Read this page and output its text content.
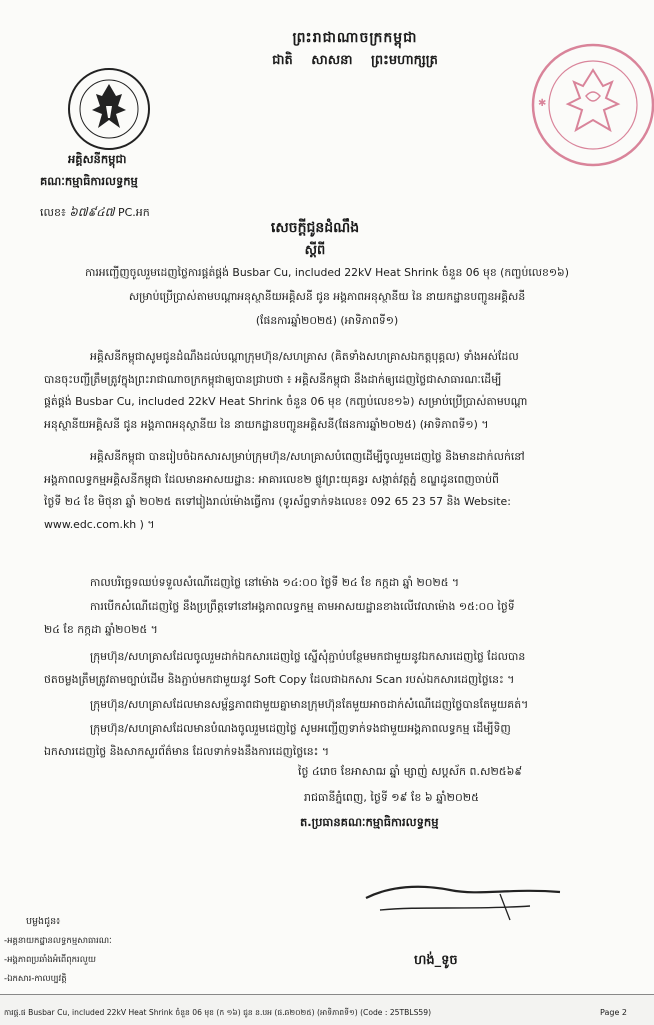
ព្រះរាជាណាចក្រកម្ពុជា
ជាតិ សាសនា ព្រះមហាក្សត្រ
✱
អគ្គិសនីកម្ពុជា
គណៈកម្មាធិការលទ្ធកម្ម
លេខ៖ ៦៧៩៤៧ PC.អក
សេចក្តីជូនដំណឹង
ស្តីពី
ការអញ្ជើញចូលរួមដេញថ្លៃការផ្គត់ផ្គង់ Busbar Cu, included 22kV Heat Shrink ចំនួន 06 មុខ (កញ្ចប់លេខ១៦)
សម្រាប់ប្រើប្រាស់តាមបណ្តាអនុស្ថានីយអគ្គិសនី ជូន អង្គភាពអនុស្ថានីយ នៃ នាយកដ្ឋានបញ្ជូនអគ្គិសនី
(ផែនការឆ្នាំ២០២៥) (អាទិភាពទី១)
អគ្គិសនីកម្ពុជាសូមជូនដំណឹងដល់បណ្តាក្រុមហ៊ុន/សហគ្រាស (គិតទាំងសហគ្រាសឯកត្តបុគ្គល) ទាំងអស់ដែល
បានចុះបញ្ជីត្រឹមត្រូវក្នុងព្រះរាជាណាចក្រកម្ពុជាឲ្យបានជ្រាបថា ៖ អគ្គិសនីកម្ពុជា នឹងដាក់ឲ្យដេញថ្លៃជាសាធារណៈដើម្បី
ផ្គត់ផ្គង់ Busbar Cu, included 22kV Heat Shrink ចំនួន 06 មុខ (កញ្ចប់លេខ១៦) សម្រាប់ប្រើប្រាស់តាមបណ្តា
អនុស្ថានីយអគ្គិសនី ជូន អង្គភាពអនុស្ថានីយ នៃ នាយកដ្ឋានបញ្ជូនអគ្គិសនី(ផែនការឆ្នាំ២០២៥) (អាទិភាពទី១) ។
អគ្គិសនីកម្ពុជា បានរៀបចំឯកសារសម្រាប់ក្រុមហ៊ុន/សហគ្រាសបំពេញដើម្បីចូលរួមដេញថ្លៃ និងមានដាក់លក់នៅ
អង្គភាពលទ្ធកម្មអគ្គិសនីកម្ពុជា ដែលមានអាសយដ្ឋាន: អាគារលេខ២ ផ្លូវព្រះយុគន្ធរ សង្កាត់វត្តភ្នំ ខណ្ឌដូនពេញចាប់ពី
ថ្ងៃទី ២៤ ខែ មិថុនា ឆ្នាំ ២០២៥ តទៅរៀងរាល់ម៉ោងធ្វើការ (ទូរស័ព្ទទាក់ទងលេខ៖ 092 65 23 57 និង Website:
www.edc.com.kh ) ។
កាលបរិច្ឆេទឈប់ទទួលសំណើដេញថ្លៃ នៅម៉ោង ១៤:០០ ថ្ងៃទី ២៤ ខែ កក្កដា ឆ្នាំ ២០២៥ ។
ការបើកសំណើដេញថ្លៃ នឹងប្រព្រឹត្តទៅនៅអង្គភាពលទ្ធកម្ម តាមអាសយដ្ឋានខាងលើវេលាម៉ោង ១៥:០០ ថ្ងៃទី
២៤ ខែ កក្កដា ឆ្នាំ២០២៥ ។
ក្រុមហ៊ុន/សហគ្រាសដែលចូលរួមដាក់ឯកសារដេញថ្លៃ ស្នើសុំភ្ជាប់បន្ថែមមកជាមួយនូវឯកសារដេញថ្លៃ ដែលបាន
ថតចម្លងត្រឹមត្រូវតាមច្បាប់ដើម និងភ្ជាប់មកជាមួយនូវ Soft Copy ដែលជាឯកសារ Scan របស់ឯកសារដេញថ្លៃនេះ ។
ក្រុមហ៊ុន/សហគ្រាសដែលមានសម្ព័ន្ធភាពជាមួយគ្នាមានក្រុមហ៊ុនតែមួយអាចដាក់សំណើដេញថ្លៃបានតែមួយគត់។
ក្រុមហ៊ុន/សហគ្រាសដែលមានបំណងចូលរួមដេញថ្លៃ សូមអញ្ជើញទាក់ទងជាមួយអង្គភាពលទ្ធកម្ម ដើម្បីទិញ
ឯកសារដេញថ្លៃ និងសាកសួរព័ត៌មាន ដែលទាក់ទងនឹងការដេញថ្លៃនេះ ។
ថ្ងៃ ៤រោច ខែអាសាឍ ឆ្នាំ ម្សាញ់ សប្តស័ក ព.ស២៥៦៩
រាជធានីភ្នំពេញ, ថ្ងៃទី ១៩ ខែ ៦ ឆ្នាំ២០២៥
ត.ប្រធានគណៈកម្មាធិការលទ្ធកម្ម
ហង់_ទូច
បម្លងជូន៖
-អគ្គនាយកដ្ឋានលទ្ធកម្មសាធារណៈ
-អង្គភាពប្រឆាំងអំពើពុករលួយ
-ឯកសារ-កាលប្បវត្តិ
ការផ្គ.ផ Busbar Cu, included 22kV Heat Shrink ចំនួន 06 មុខ (ក ១៦) ជូន ន.បអ (ផ.ឆ២០២៥) (អាទិភាពទី១) (Code : 25TBLS59)	Page 2
